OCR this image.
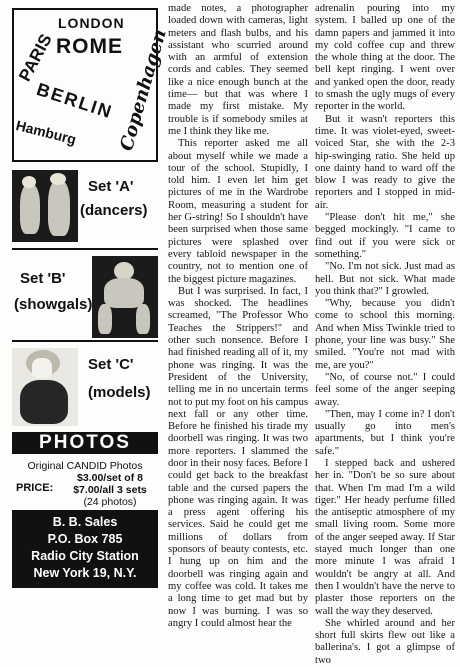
LONDON
PARIS ROME
BERLIN
Hamburg Copenhagen
Set 'A'
(dancers)
Set 'B'
(showgals)
Set 'C'
(models)
PHOTOS
Original CANDID Photos
PRICE:
$3.00/set of 8
$7.00/all 3 sets
(24 photos)
B. B. Sales
P.O. Box 785
Radio City Station
New York 19, N.Y.

made notes, a photographer loaded down with cameras, light meters and flash bulbs, and his assistant who scurried around with an armful of extension cords and cables. They seemed like a nice enough bunch at the time— but that was where I made my first mistake. My trouble is if somebody smiles at me I think they like me.

This reporter asked me all about myself while we made a tour of the school. Stupidly, I told him. I even let him get pictures of me in the Wardrobe Room, measuring a student for her G-string! So I shouldn't have been surprised when those same pictures were splashed over every tabloid newspaper in the country, not to mention one of the biggest picture magazines.

But I was surprised. In fact, I was shocked. The headlines screamed, "The Professor Who Teaches the Strippers!" and other such nonsence. Before I had finished reading all of it, my phone was ringing. It was the President of the University, telling me in no uncertain terms not to put my foot on his campus next fall or any other time. Before he finished his tirade my doorbell was ringing. It was two more reporters. I slammed the door in their nosy faces. Before I could get back to the breakfast table and the cursed papers the phone was ringing again. It was a press agent offering his services. Said he could get me millions of dollars from sponsors of beauty contests, etc. I hung up on him and the doorbell was ringing again and my coffee was cold. It takes me a long time to get mad but by now I was burning. I was so angry I could almost hear the

adrenalin pouring into my system. I balled up one of the damn papers and jammed it into my cold coffee cup and threw the whole thing at the door. The bell kept ringing. I went over and yanked open the door, ready to smash the ugly mugs of every reporter in the world.

But it wasn't reporters this time. It was violet-eyed, sweet-voiced Star, she with the 2-3 hip-swinging ratio. She held up one dainty hand to ward off the blow I was ready to give the reporters and I stopped in mid-air.

"Please don't hit me," she begged mockingly. "I came to find out if you were sick or something."

"No. I'm not sick. Just mad as hell. But not sick. What made you think that?" I growled.

"Why, because you didn't come to school this morning. And when Miss Twinkle tried to phone, your line was busy." She smiled. "You're not mad with me, are you?"

"No, of course not." I could feel some of the anger seeping away.

"Then, may I come in? I don't usually go into men's apartments, but I think you're safe."

I stepped back and ushered her in. "Don't be so sure about that. When I'm mad I'm a wild tiger." Her heady perfume filled the antiseptic atmosphere of my small living room. Some more of the anger seeped away. If Star stayed much longer than one more minute I was afraid I wouldn't be angry at all. And then I wouldn't have the nerve to plaster those reporters on the wall the way they deserved.

She whirled around and her short full skirts flew out like a ballerina's. I got a glimpse of two
